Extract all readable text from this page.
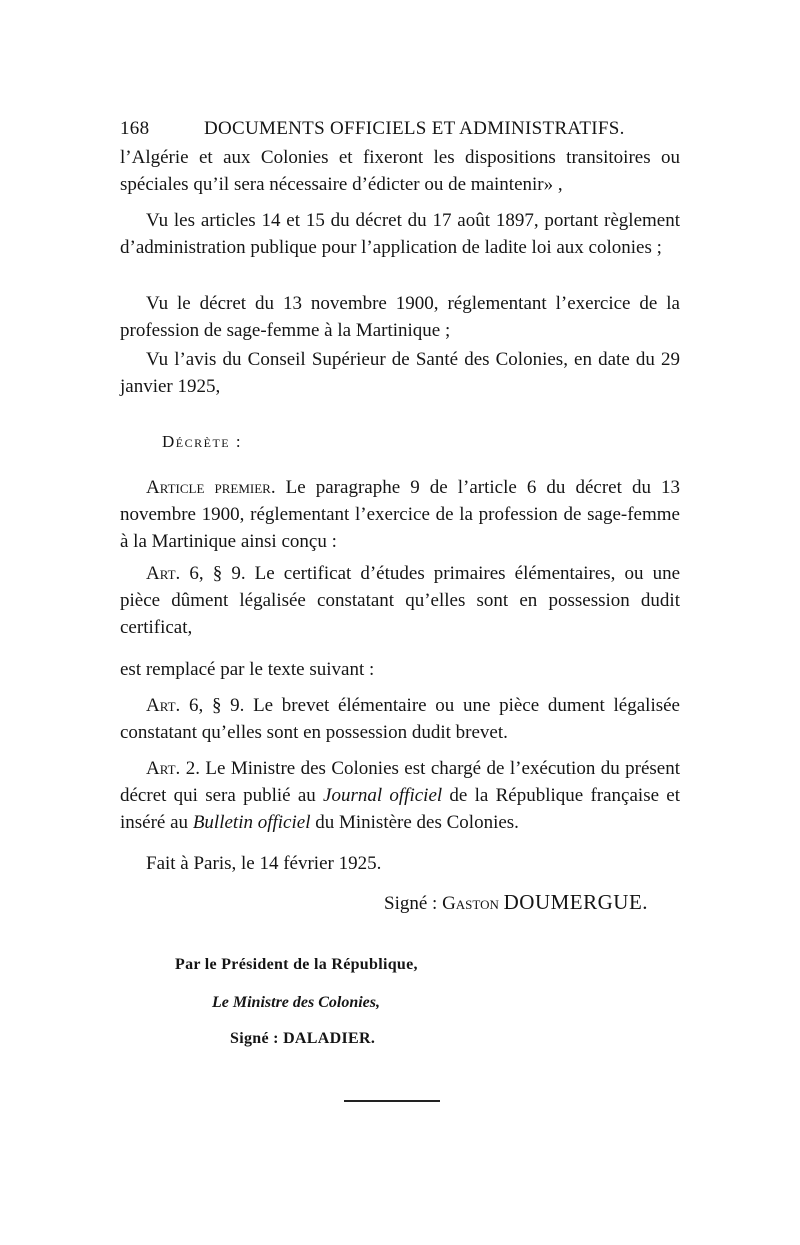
168	DOCUMENTS OFFICIELS ET ADMINISTRATIFS.

l’Algérie et aux Colonies et fixeront les dispositions transitoires ou spéciales qu’il sera nécessaire d’édicter ou de maintenir» ,

Vu les articles 14 et 15 du décret du 17 août 1897, portant règlement d’administration publique pour l’application de ladite loi aux colonies ;

Vu le décret du 13 novembre 1900, réglementant l’exercice de la profession de sage-femme à la Martinique ;

Vu l’avis du Conseil Supérieur de Santé des Colonies, en date du 29 janvier 1925,

Décrète :

Article premier. Le paragraphe 9 de l’article 6 du décret du 13 novembre 1900, réglementant l’exercice de la profession de sage-femme à la Martinique ainsi conçu :

Art. 6, § 9. Le certificat d’études primaires élémentaires, ou une pièce dûment légalisée constatant qu’elles sont en possession dudit certificat,

est remplacé par le texte suivant :

Art. 6, § 9. Le brevet élémentaire ou une pièce dument légalisée constatant qu’elles sont en possession dudit brevet.

Art. 2. Le Ministre des Colonies est chargé de l’exécution du présent décret qui sera publié au Journal officiel de la République française et inséré au Bulletin officiel du Ministère des Colonies.

Fait à Paris, le 14 février 1925.
Signé : Gaston DOUMERGUE.
Par le Président de la République,
Le Ministre des Colonies,
Signé : DALADIER.
